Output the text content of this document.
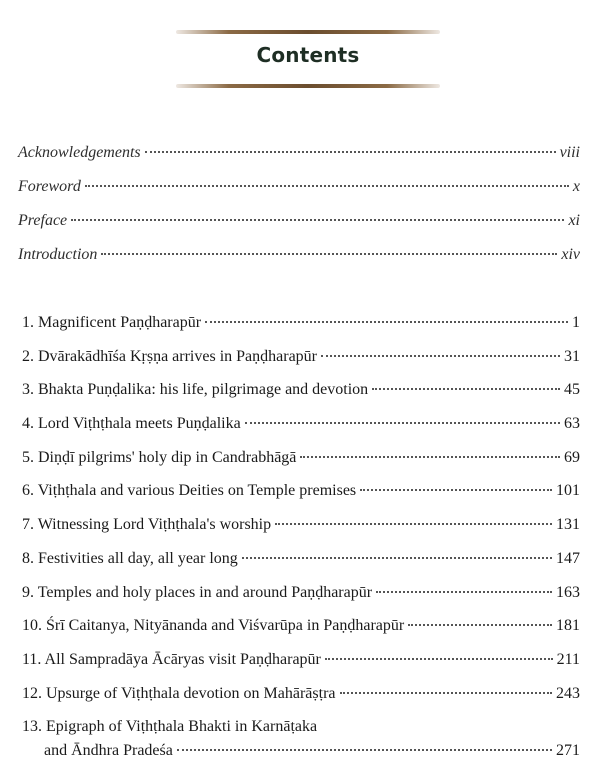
Contents
Acknowledgements	viii
Foreword	x
Preface	xi
Introduction	xiv
1. Magnificent Paṇḍharapūr	1
2. Dvārakādhīśa Kṛṣṇa arrives in Paṇḍharapūr	31
3. Bhakta Puṇḍalika: his life, pilgrimage and devotion	45
4. Lord Viṭhṭhala meets Puṇḍalika	63
5. Diṇḍī pilgrims' holy dip in Candrabhāgā	69
6. Viṭhṭhala and various Deities on Temple premises	101
7. Witnessing Lord Viṭhṭhala's worship	131
8. Festivities all day, all year long	147
9. Temples and holy places in and around Paṇḍharapūr	163
10. Śrī Caitanya, Nityānanda and Viśvarūpa in Paṇḍharapūr	181
11. All Sampradāya Ācāryas visit Paṇḍharapūr	211
12. Upsurge of Viṭhṭhala devotion on Mahārāṣṭra	243
13. Epigraph of Viṭhṭhala Bhakti in Karnāṭaka
and Āndhra Pradeśa	271
